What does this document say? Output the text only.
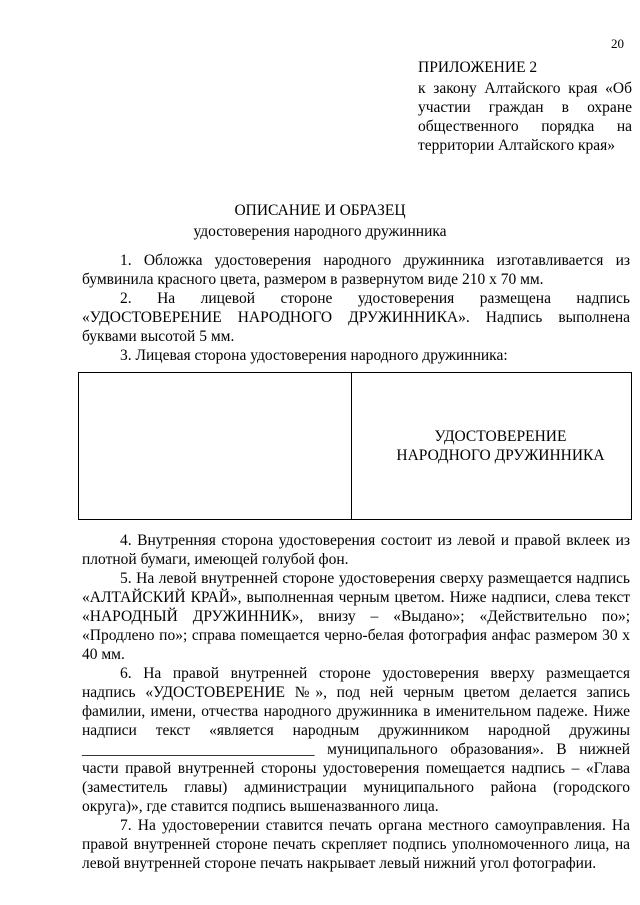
20
ПРИЛОЖЕНИЕ 2
к закону Алтайского края «Об участии граждан в охране общественного порядка на территории Алтайского края»
ОПИСАНИЕ И ОБРАЗЕЦ
удостоверения народного дружинника

1. Обложка удостоверения народного дружинника изготавливается из бумвинила красного цвета, размером в развернутом виде 210 х 70 мм.

2. На лицевой стороне удостоверения размещена надпись «УДОСТОВЕРЕНИЕ НАРОДНОГО ДРУЖИННИКА». Надпись выполнена буквами высотой 5 мм.

3. Лицевая сторона удостоверения народного дружинника:

УДОСТОВЕРЕНИЕ
НАРОДНОГО ДРУЖИННИКА

4. Внутренняя сторона удостоверения состоит из левой и правой вклеек из плотной бумаги, имеющей голубой фон.

5. На левой внутренней стороне удостоверения сверху размещается надпись «АЛТАЙСКИЙ КРАЙ», выполненная черным цветом. Ниже надписи, слева текст «НАРОДНЫЙ ДРУЖИННИК», внизу – «Выдано»; «Действительно по»; «Продлено по»; справа помещается черно-белая фотография анфас размером 30 х 40 мм.

6. На правой внутренней стороне удостоверения вверху размещается надпись «УДОСТОВЕРЕНИЕ №», под ней черным цветом делается запись фамилии, имени, отчества народного дружинника в именительном падеже. Ниже надписи текст «является народным дружинником народной дружины ______________________________ муниципального образования». В нижней части правой внутренней стороны удостоверения помещается надпись – «Глава (заместитель главы) администрации муниципального района (городского округа)», где ставится подпись вышеназванного лица.

7. На удостоверении ставится печать органа местного самоуправления. На правой внутренней стороне печать скрепляет подпись уполномоченного лица, на левой внутренней стороне печать накрывает левый нижний угол фотографии.
